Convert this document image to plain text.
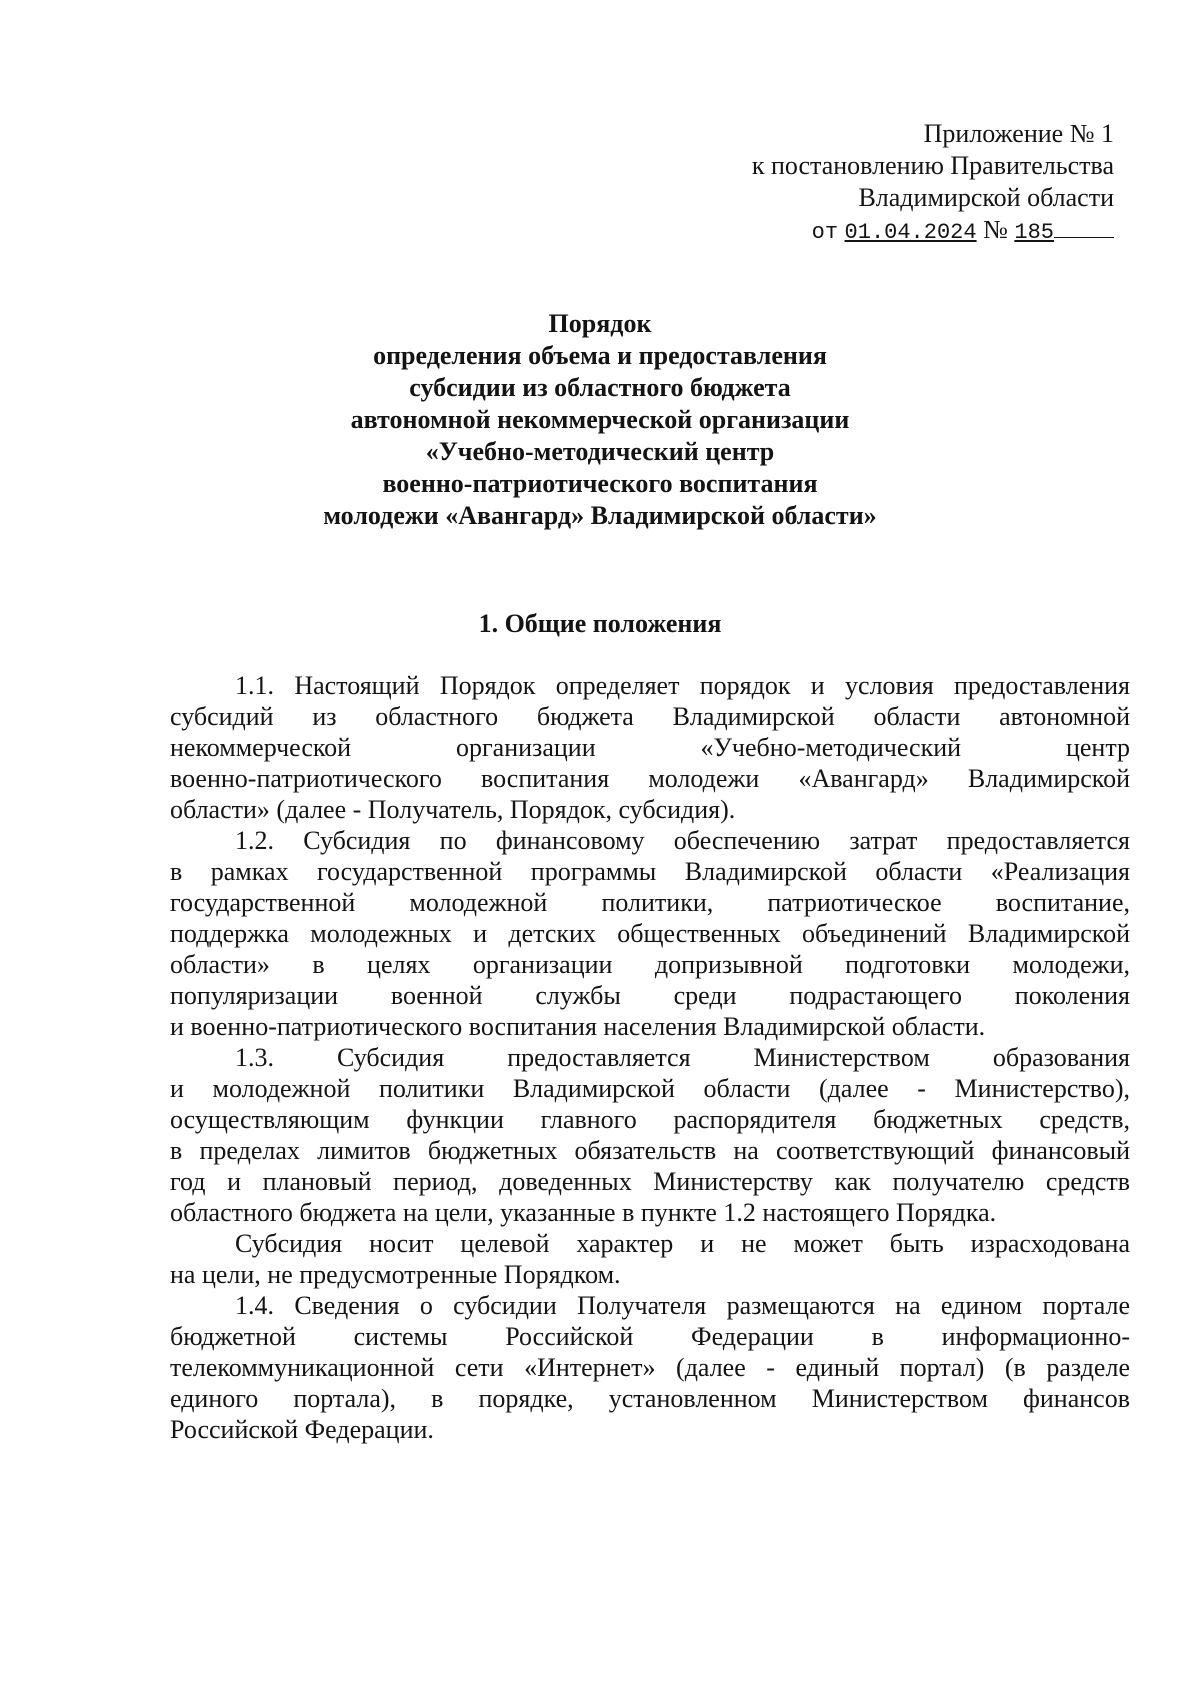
Приложение № 1
к постановлению Правительства
Владимирской области
от 01.04.2024 № 185
Порядок
определения объема и предоставления
субсидии из областного бюджета
автономной некоммерческой организации
«Учебно-методический центр
военно-патриотического воспитания
молодежи «Авангард» Владимирской области»
1. Общие положения

1.1. Настоящий Порядок определяет порядок и условия предоставления
субсидий из областного бюджета Владимирской области автономной
некоммерческой организации «Учебно-методический центр
военно-патриотического воспитания молодежи «Авангард» Владимирской
области» (далее - Получатель, Порядок, субсидия).

1.2. Субсидия по финансовому обеспечению затрат предоставляется
в рамках государственной программы Владимирской области «Реализация
государственной молодежной политики, патриотическое воспитание,
поддержка молодежных и детских общественных объединений Владимирской
области» в целях организации допризывной подготовки молодежи,
популяризации военной службы среди подрастающего поколения
и военно-патриотического воспитания населения Владимирской области.

1.3. Субсидия предоставляется Министерством образования
и молодежной политики Владимирской области (далее - Министерство),
осуществляющим функции главного распорядителя бюджетных средств,
в пределах лимитов бюджетных обязательств на соответствующий финансовый
год и плановый период, доведенных Министерству как получателю средств
областного бюджета на цели, указанные в пункте 1.2 настоящего Порядка.

Субсидия носит целевой характер и не может быть израсходована
на цели, не предусмотренные Порядком.

1.4. Сведения о субсидии Получателя размещаются на едином портале
бюджетной системы Российской Федерации в информационно-
телекоммуникационной сети «Интернет» (далее - единый портал) (в разделе
единого портала), в порядке, установленном Министерством финансов
Российской Федерации.
